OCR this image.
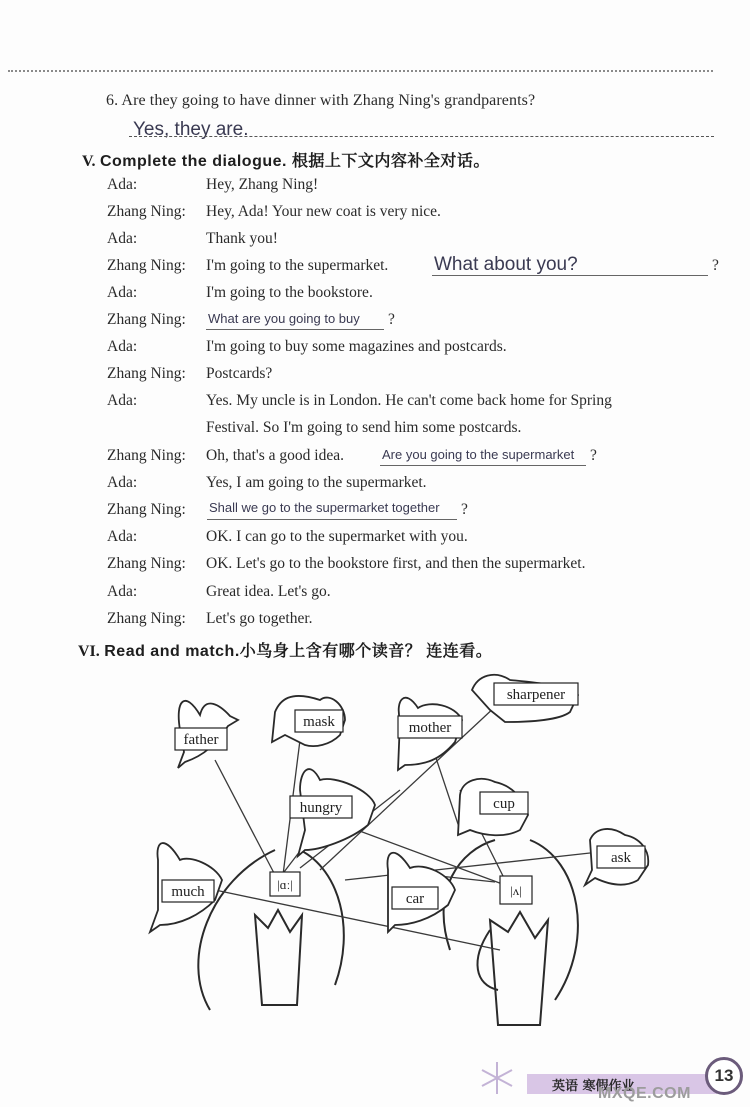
6. Are they going to have dinner with Zhang Ning's grandparents?
Yes, they are.
V. Complete the dialogue. 根据上下文内容补全对话。
Ada:	Hey, Zhang Ning!
Zhang Ning: Hey, Ada! Your new coat is very nice.
Ada:	Thank you!
Zhang Ning: I'm going to the supermarket. What about you?	?
Ada:	I'm going to the bookstore.
Zhang Ning: What are you going to buy ?
Ada:	I'm going to buy some magazines and postcards.
Zhang Ning: Postcards?
Ada:	Yes. My uncle is in London. He can't come back home for Spring
Festival. So I'm going to send him some postcards.
Zhang Ning: Oh, that's a good idea.	Are you going to the supermarket ?
Ada:	Yes, I am going to the supermarket.
Zhang Ning: Shall we go to the supermarket together ?
Ada:	OK. I can go to the supermarket with you.
Zhang Ning: OK. Let's go to the bookstore first, and then the supermarket.
Ada:	Great idea. Let's go.
Zhang Ning: Let's go together.
VI. Read and match.小鸟身上含有哪个读音？ 连连看。
father
mask	mother
sharpener
hungry	cup
ask
much	car
|ɑː|	|ʌ|
英语 寒假作业
13
MXQE.COM
